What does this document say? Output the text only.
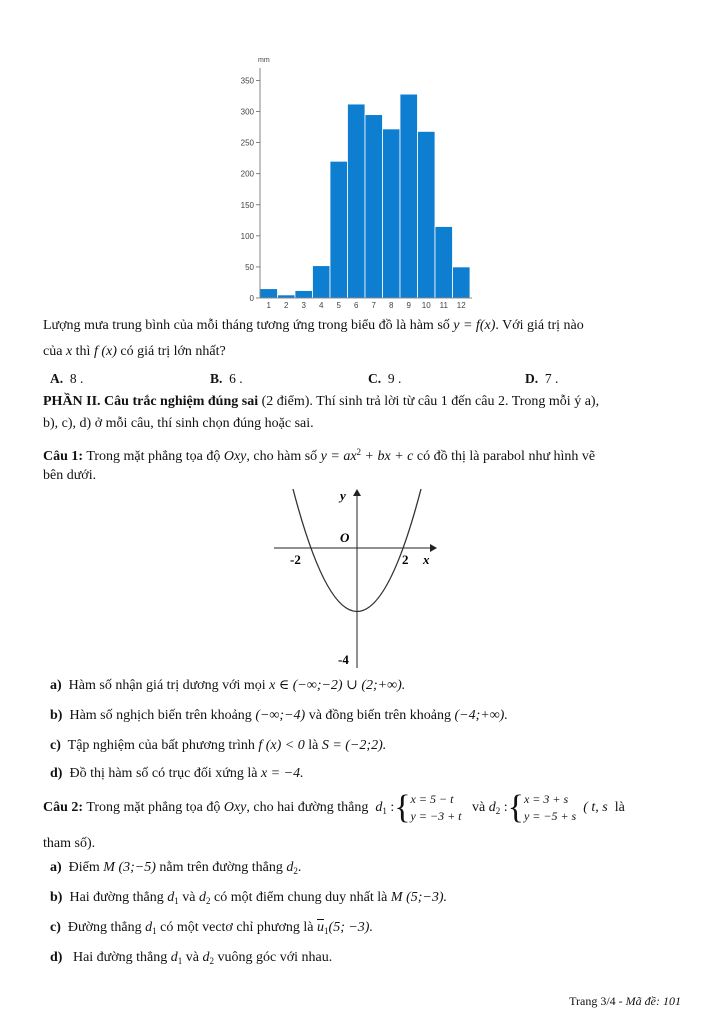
mm
0
50
100
150
200
250
300
350
1 2 3 4 5 6 7 8 9 10 11 12
Lượng mưa trung bình của mỗi tháng tương ứng trong biểu đồ là hàm số y = f(x). Với giá trị nào
của x thì f (x) có giá trị lớn nhất?
A. 8 .	B. 6 .	C. 9 .	D. 7 .
PHẦN II. Câu trắc nghiệm đúng sai (2 điểm). Thí sinh trả lời từ câu 1 đến câu 2. Trong mỗi ý a),
b), c), d) ở mỗi câu, thí sinh chọn đúng hoặc sai.
Câu 1: Trong mặt phẳng tọa độ Oxy, cho hàm số $y = ax^2$ + bx + c có đồ thị là parabol như hình vẽ
bên dưới.
y
x
O
-2	2
-4
a) Hàm số nhận giá trị dương với mọi x ∈ (−∞;−2) ∪ (2;+∞).
b) Hàm số nghịch biến trên khoảng (−∞;−4) và đồng biến trên khoảng (−4;+∞).
c) Tập nghiệm của bất phương trình f (x) < 0 là S = (−2;2).
d) Đồ thị hàm số có trục đối xứng là x = −4.
Câu 2: Trong mặt phẳng tọa độ Oxy, cho hai đường thẳng $d_1$ :{x = 5 − t
y = −3 + t   và $d_2$ :{x = 3 + s
y = −5 + s  ( t, s là
tham số).
a) Điểm M (3;−5) nằm trên đường thẳng $d_2$.
b) Hai đường thẳng $d_1$ và $d_2$ có một điểm chung duy nhất là M (5;−3).
c) Đường thẳng $d_1$ có một vectơ chỉ phương là $\overline{u}_1(5$; −3).
d) Hai đường thẳng $d_1$ và $d_2$ vuông góc với nhau.
Trang 3/4 - Mã đề: 101
